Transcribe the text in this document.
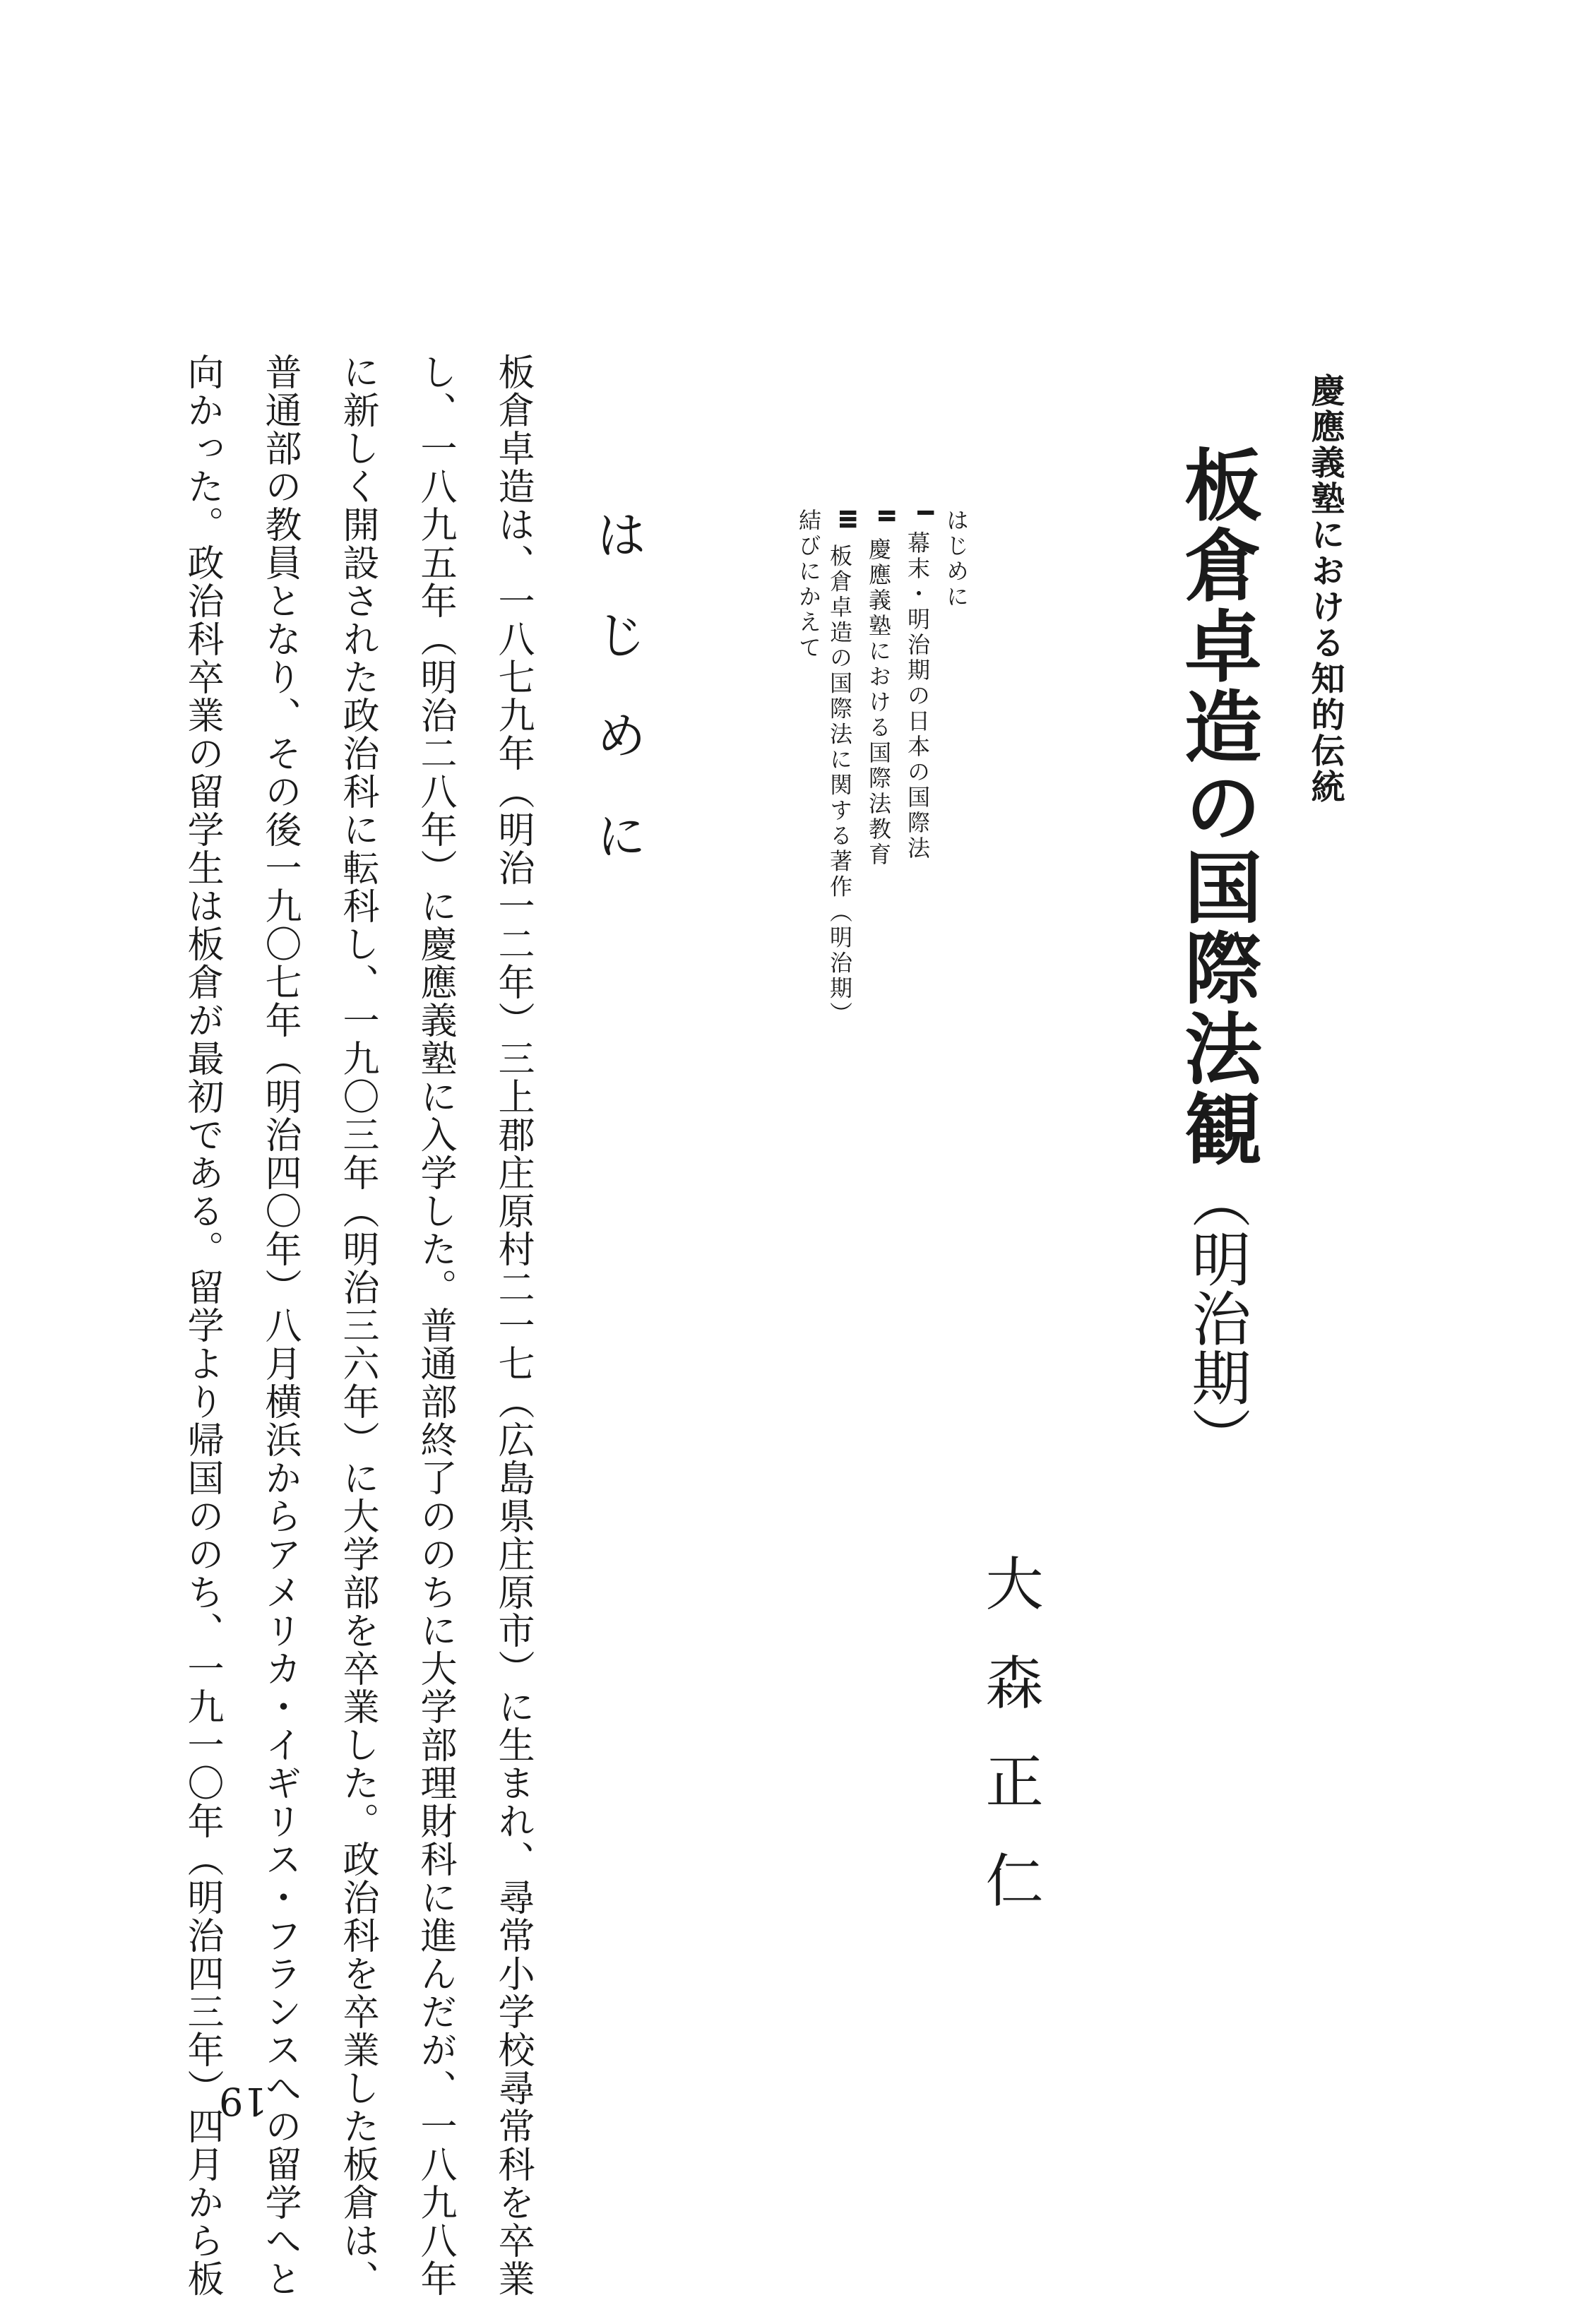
慶應義塾における知的伝統
板倉卓造の国際法観（明治期）
はじめに
Ⅰ幕末・明治期の日本の国際法
Ⅱ慶應義塾における国際法教育
Ⅲ板倉卓造の国際法に関する著作（明治期）
結びにかえて
大森正仁
はじめに
板倉卓造は、一八七九年（明治一二年）三上郡庄原村二一七（広島県庄原市）に生まれ、尋常小学校尋常科を卒業
し、一八九五年（明治二八年）に慶應義塾に入学した。普通部終了ののちに大学部理財科に進んだが、一八九八年
に新しく開設された政治科に転科し、一九〇三年（明治三六年）に大学部を卒業した。政治科を卒業した板倉は、
普通部の教員となり、その後一九〇七年（明治四〇年）八月横浜からアメリカ・イギリス・フランスへの留学へと
向かった。政治科卒業の留学生は板倉が最初である。留学より帰国ののち、一九一〇年（明治四三年）四月から板
19
